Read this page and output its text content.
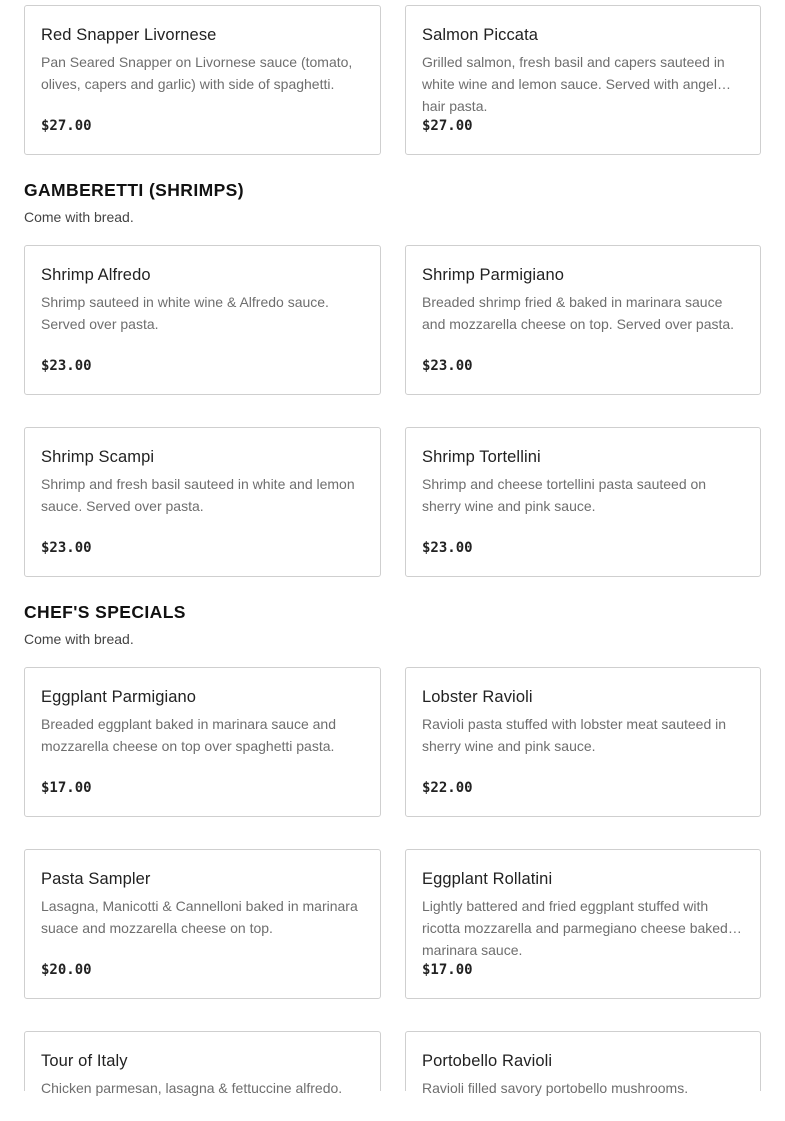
Red Snapper Livornese
Pan Seared Snapper on Livornese sauce (tomato, olives, capers and garlic) with side of spaghetti.
$27.00
Salmon Piccata
Grilled salmon, fresh basil and capers sauteed in white wine and lemon sauce. Served with angel hair pasta.
$27.00
GAMBERETTI (SHRIMPS)
Come with bread.
Shrimp Alfredo
Shrimp sauteed in white wine & Alfredo sauce. Served over pasta.
$23.00
Shrimp Parmigiano
Breaded shrimp fried & baked in marinara sauce and mozzarella cheese on top. Served over pasta.
$23.00
Shrimp Scampi
Shrimp and fresh basil sauteed in white and lemon sauce. Served over pasta.
$23.00
Shrimp Tortellini
Shrimp and cheese tortellini pasta sauteed on sherry wine and pink sauce.
$23.00
CHEF'S SPECIALS
Come with bread.
Eggplant Parmigiano
Breaded eggplant baked in marinara sauce and mozzarella cheese on top over spaghetti pasta.
$17.00
Lobster Ravioli
Ravioli pasta stuffed with lobster meat sauteed in sherry wine and pink sauce.
$22.00
Pasta Sampler
Lasagna, Manicotti & Cannelloni baked in marinara suace and mozzarella cheese on top.
$20.00
Eggplant Rollatini
Lightly battered and fried eggplant stuffed with ricotta mozzarella and parmegiano cheese baked in marinara sauce.
$17.00
Tour of Italy
Chicken parmesan, lasagna & fettuccine alfredo.
Portobello Ravioli
Ravioli filled savory portobello mushrooms.
